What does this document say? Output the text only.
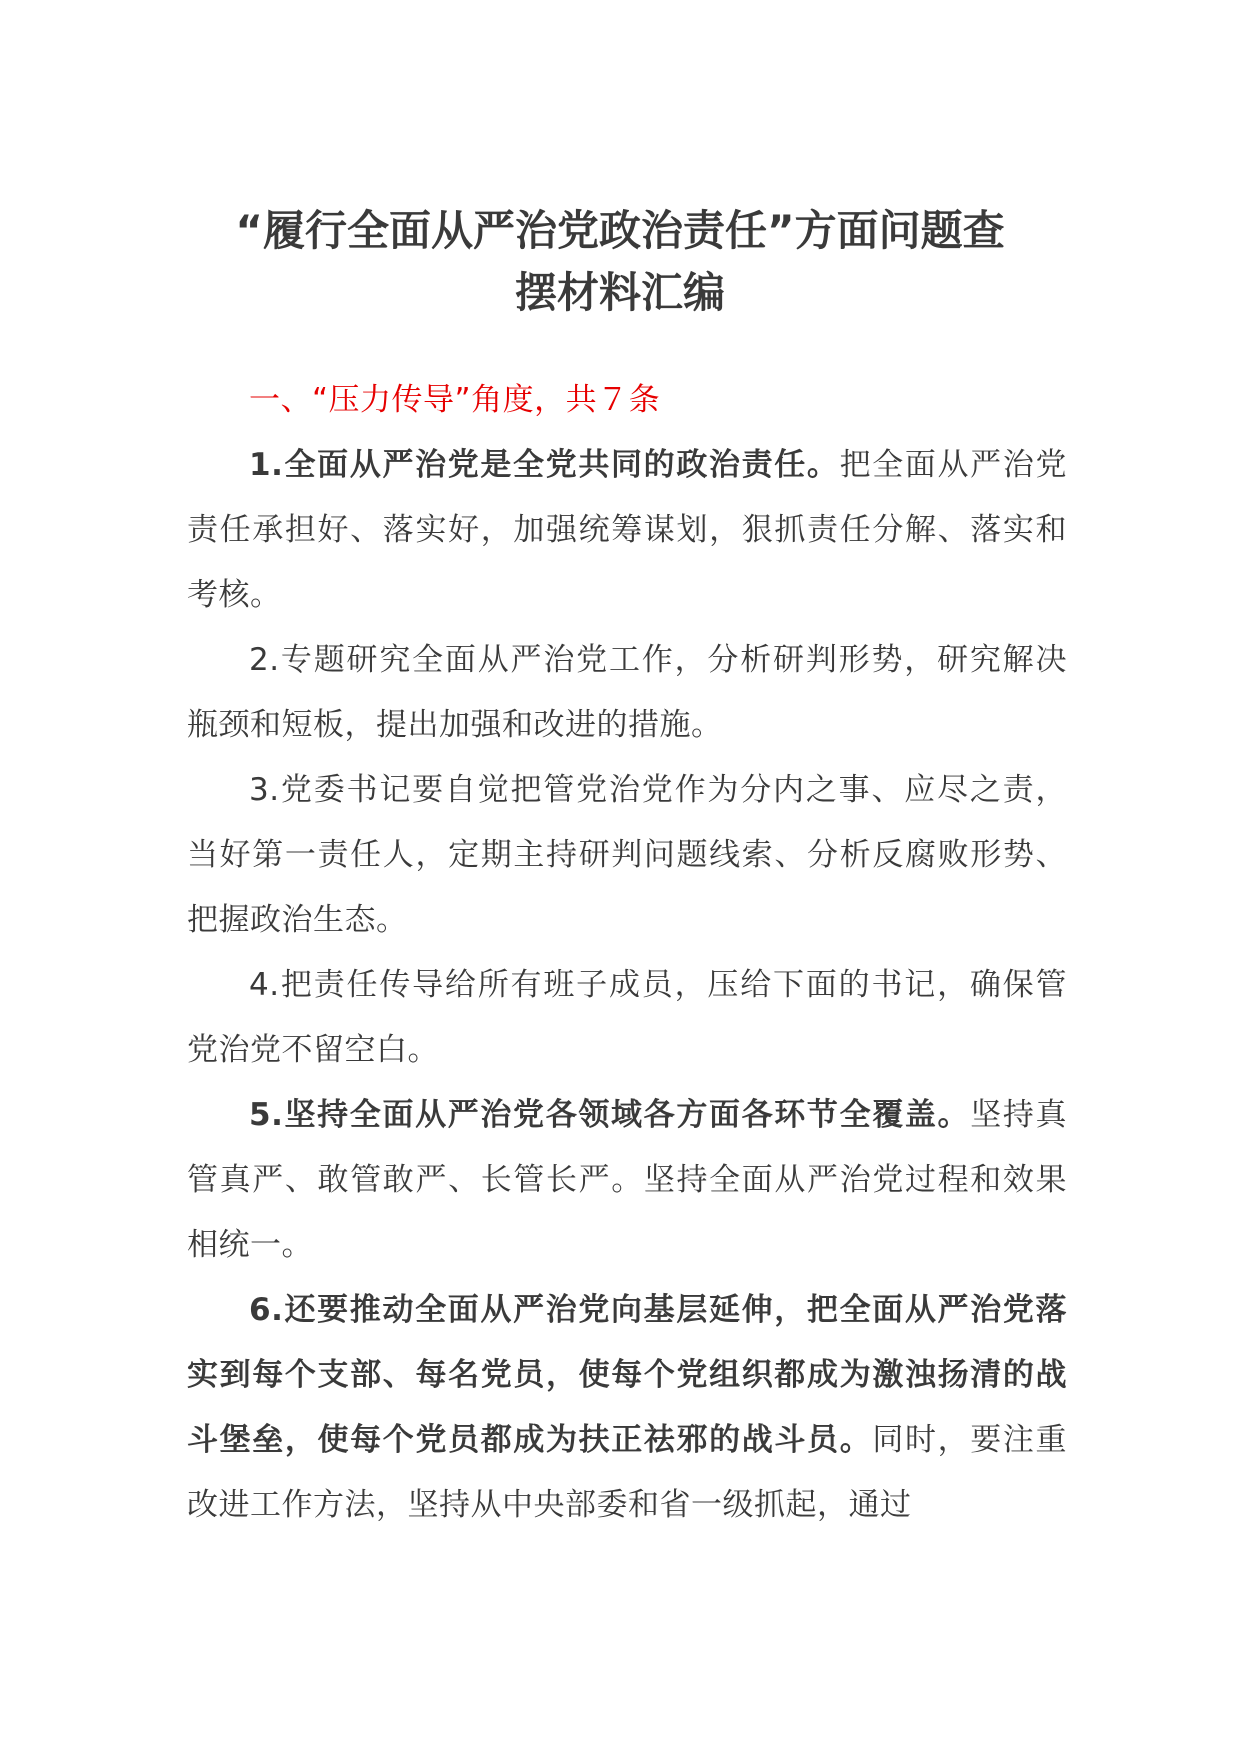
“履行全面从严治党政治责任”方面问题查
摆材料汇编

一、“压力传导”角度，共７条

1.全面从严治党是全党共同的政治责任。把全面从严治党责任承担好、落实好，加强统筹谋划，狠抓责任分解、落实和考核。

2.专题研究全面从严治党工作，分析研判形势，研究解决瓶颈和短板，提出加强和改进的措施。

3.党委书记要自觉把管党治党作为分内之事、应尽之责，当好第一责任人，定期主持研判问题线索、分析反腐败形势、把握政治生态。

4.把责任传导给所有班子成员，压给下面的书记，确保管党治党不留空白。

5.坚持全面从严治党各领域各方面各环节全覆盖。坚持真管真严、敢管敢严、长管长严。坚持全面从严治党过程和效果相统一。

6.还要推动全面从严治党向基层延伸，把全面从严治党落实到每个支部、每名党员，使每个党组织都成为激浊扬清的战斗堡垒，使每个党员都成为扶正祛邪的战斗员。同时，要注重改进工作方法，坚持从中央部委和省一级抓起，通过
